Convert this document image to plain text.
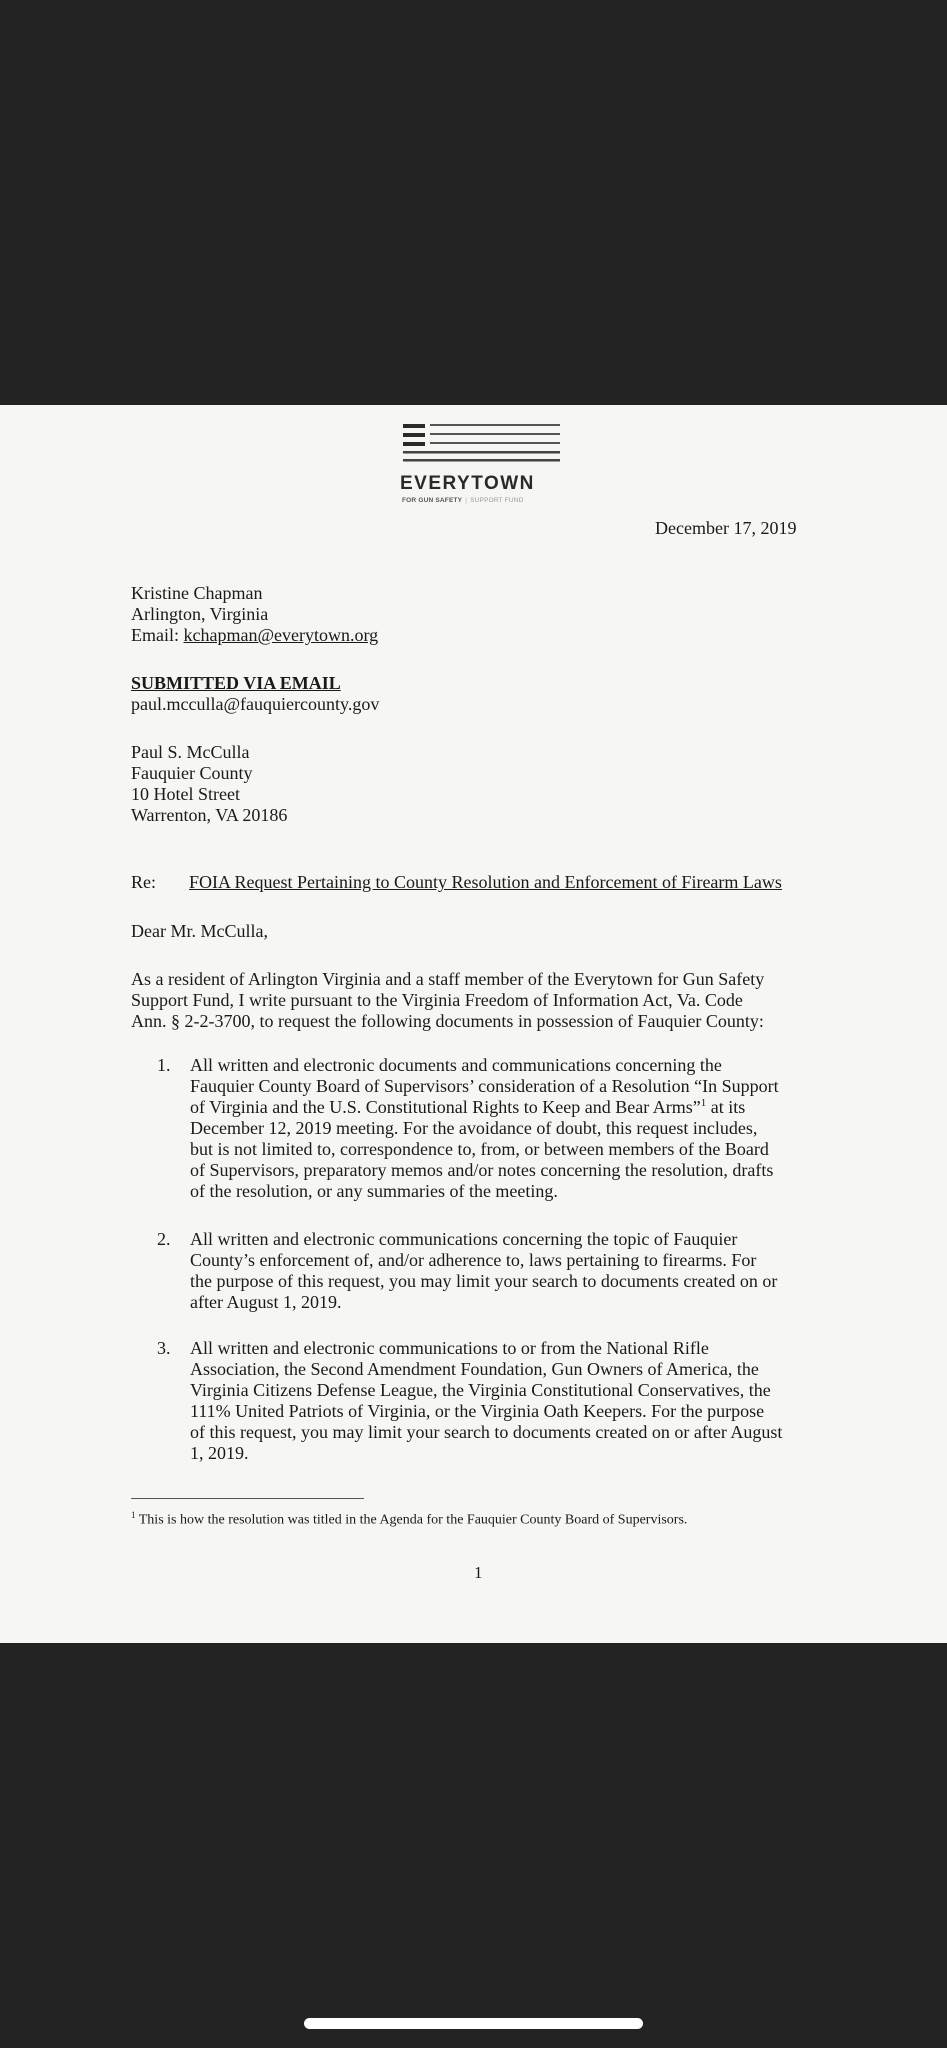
EVERYTOWN
FOR GUN SAFETY | SUPPORT FUND
December 17, 2019
Kristine Chapman
Arlington, Virginia
Email: kchapman@everytown.org
SUBMITTED VIA EMAIL
paul.mcculla@fauquiercounty.gov
Paul S. McCulla
Fauquier County
10 Hotel Street
Warrenton, VA 20186
Re: FOIA Request Pertaining to County Resolution and Enforcement of Firearm Laws
Dear Mr. McCulla,
As a resident of Arlington Virginia and a staff member of the Everytown for Gun Safety
Support Fund, I write pursuant to the Virginia Freedom of Information Act, Va. Code
Ann. § 2-2-3700, to request the following documents in possession of Fauquier County:
1. All written and electronic documents and communications concerning the
Fauquier County Board of Supervisors’ consideration of a Resolution “In Support
of Virginia and the U.S. Constitutional Rights to Keep and Bear Arms”$^1$ at its
December 12, 2019 meeting. For the avoidance of doubt, this request includes,
but is not limited to, correspondence to, from, or between members of the Board
of Supervisors, preparatory memos and/or notes concerning the resolution, drafts
of the resolution, or any summaries of the meeting.
2. All written and electronic communications concerning the topic of Fauquier
County’s enforcement of, and/or adherence to, laws pertaining to firearms. For
the purpose of this request, you may limit your search to documents created on or
after August 1, 2019.
3. All written and electronic communications to or from the National Rifle
Association, the Second Amendment Foundation, Gun Owners of America, the
Virginia Citizens Defense League, the Virginia Constitutional Conservatives, the
111% United Patriots of Virginia, or the Virginia Oath Keepers. For the purpose
of this request, you may limit your search to documents created on or after August
1, 2019.
$^1$ This is how the resolution was titled in the Agenda for the Fauquier County Board of Supervisors.
1
